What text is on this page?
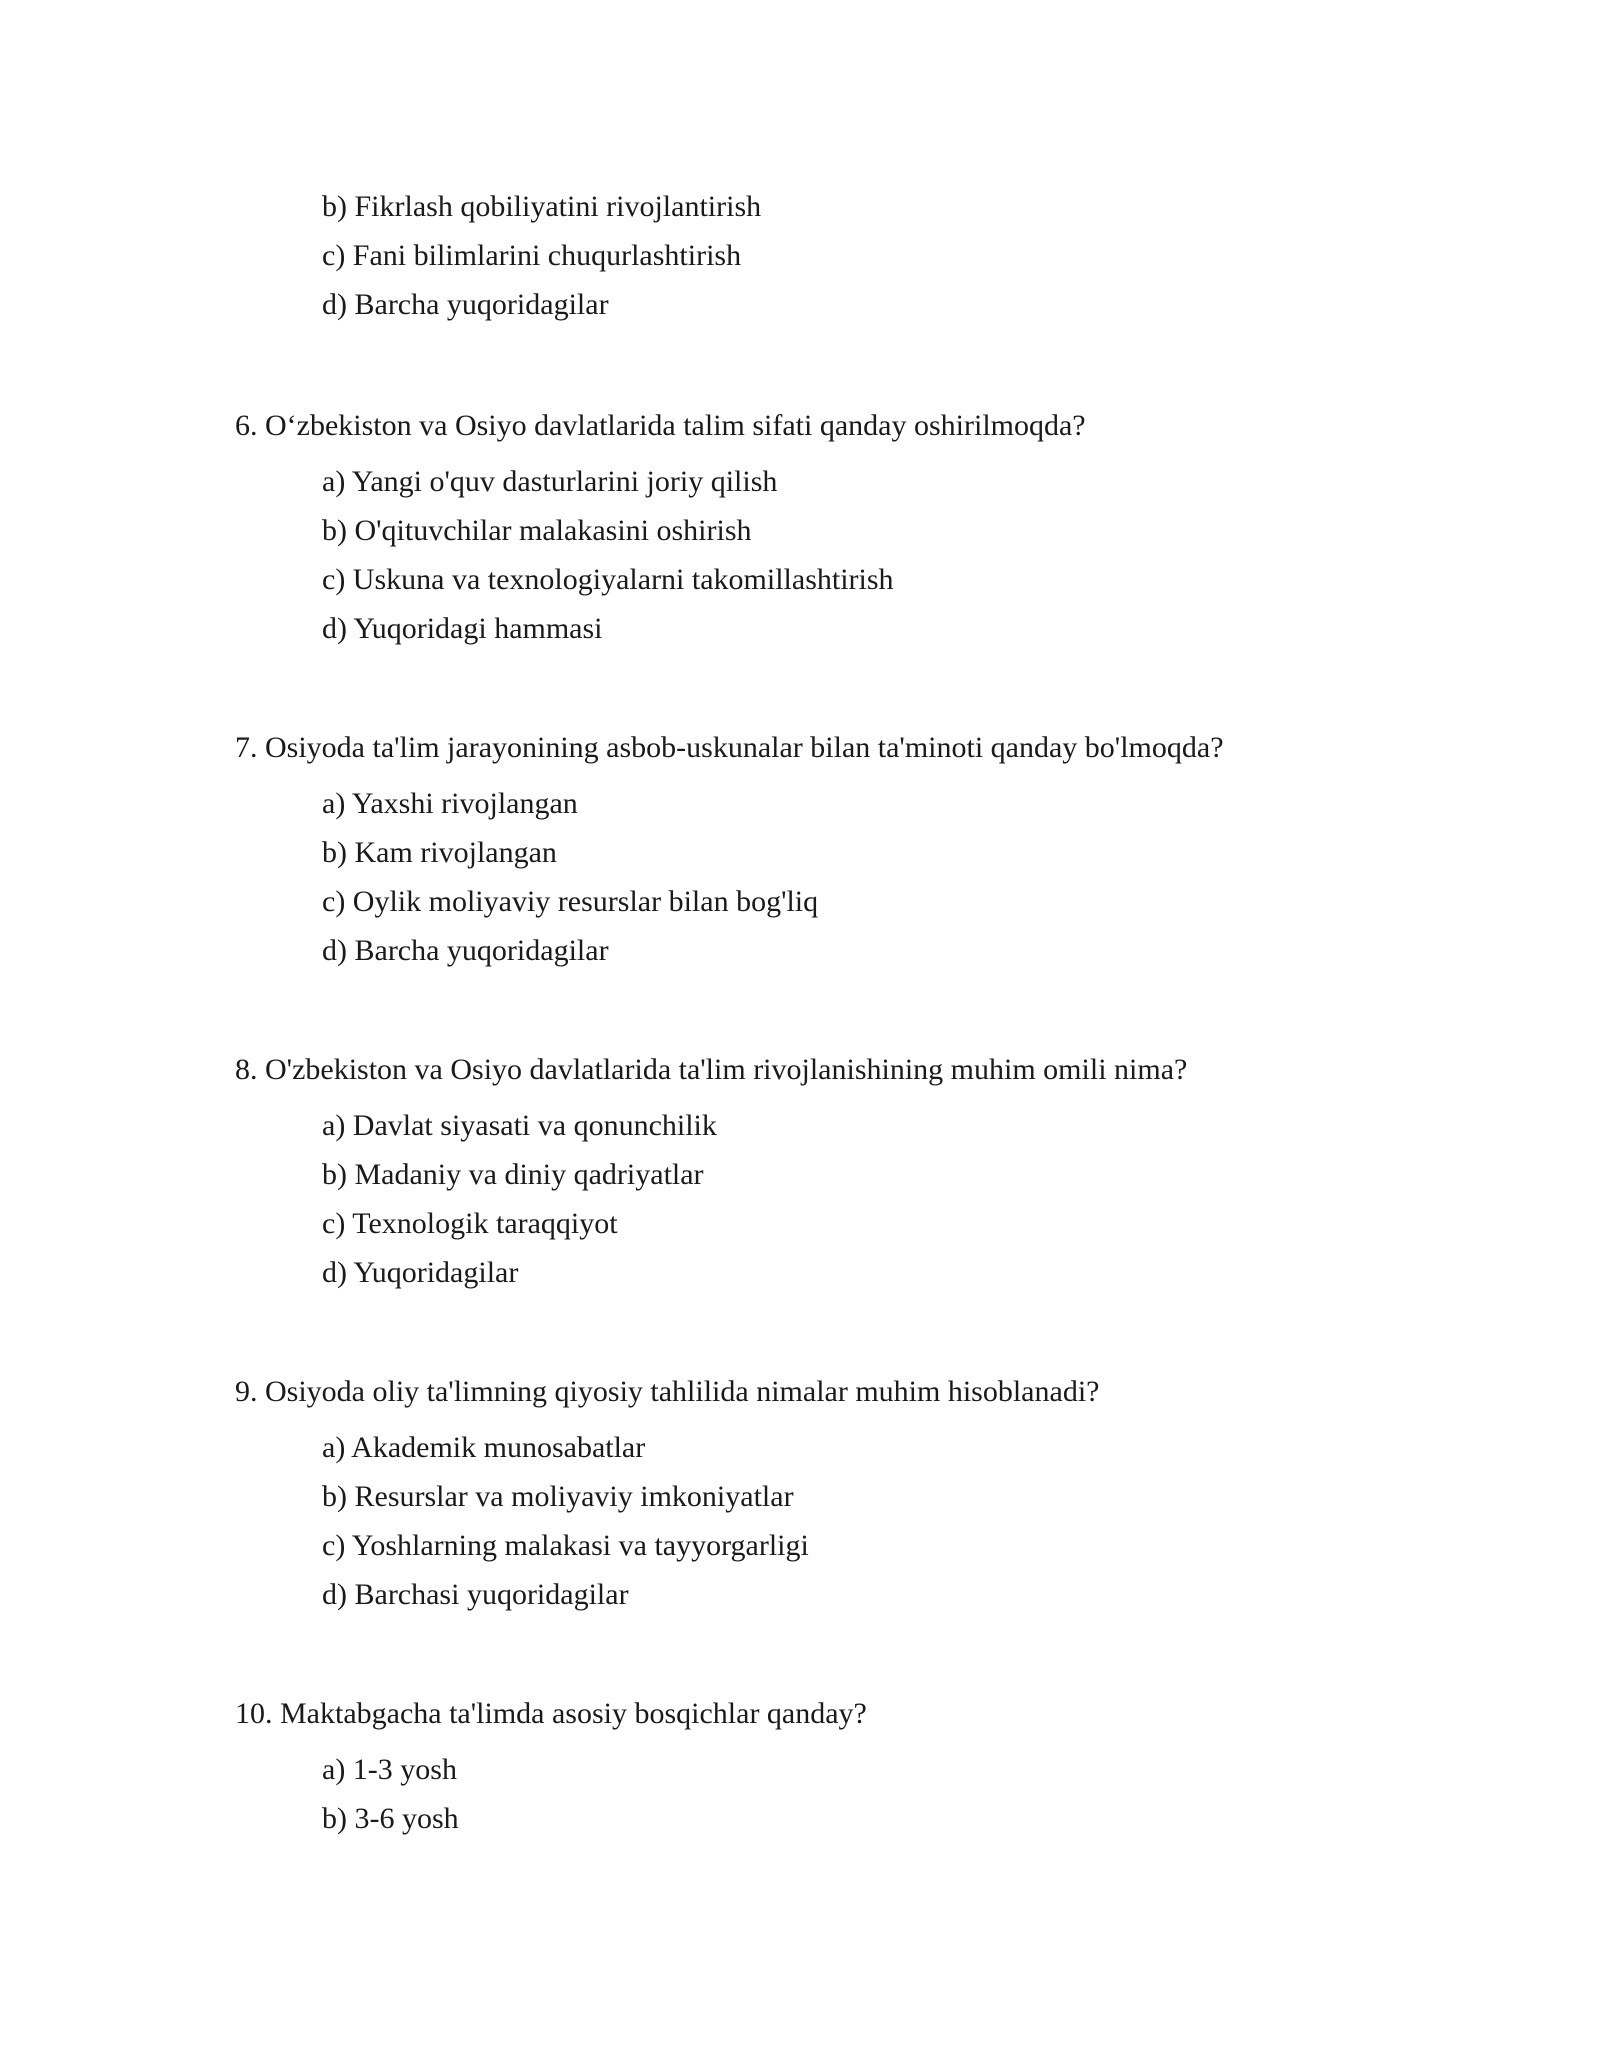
b) Fikrlash qobiliyatini rivojlantirish
c) Fani bilimlarini chuqurlashtirish
d) Barcha yuqoridagilar

6. O‘zbekiston va Osiyo davlatlarida talim sifati qanday oshirilmoqda?

a) Yangi o'quv dasturlarini joriy qilish
b) O'qituvchilar malakasini oshirish
c) Uskuna va texnologiyalarni takomillashtirish
d) Yuqoridagi hammasi

7. Osiyoda ta'lim jarayonining asbob-uskunalar bilan ta'minoti qanday bo'lmoqda?

a) Yaxshi rivojlangan
b) Kam rivojlangan
c) Oylik moliyaviy resurslar bilan bog'liq
d) Barcha yuqoridagilar

8. O'zbekiston va Osiyo davlatlarida ta'lim rivojlanishining muhim omili nima?

a) Davlat siyasati va qonunchilik
b) Madaniy va diniy qadriyatlar
c) Texnologik taraqqiyot
d) Yuqoridagilar

9. Osiyoda oliy ta'limning qiyosiy tahlilida nimalar muhim hisoblanadi?

a) Akademik munosabatlar
b) Resurslar va moliyaviy imkoniyatlar
c) Yoshlarning malakasi va tayyorgarligi
d) Barchasi yuqoridagilar

10. Maktabgacha ta'limda asosiy bosqichlar qanday?

a) 1-3 yosh
b) 3-6 yosh
